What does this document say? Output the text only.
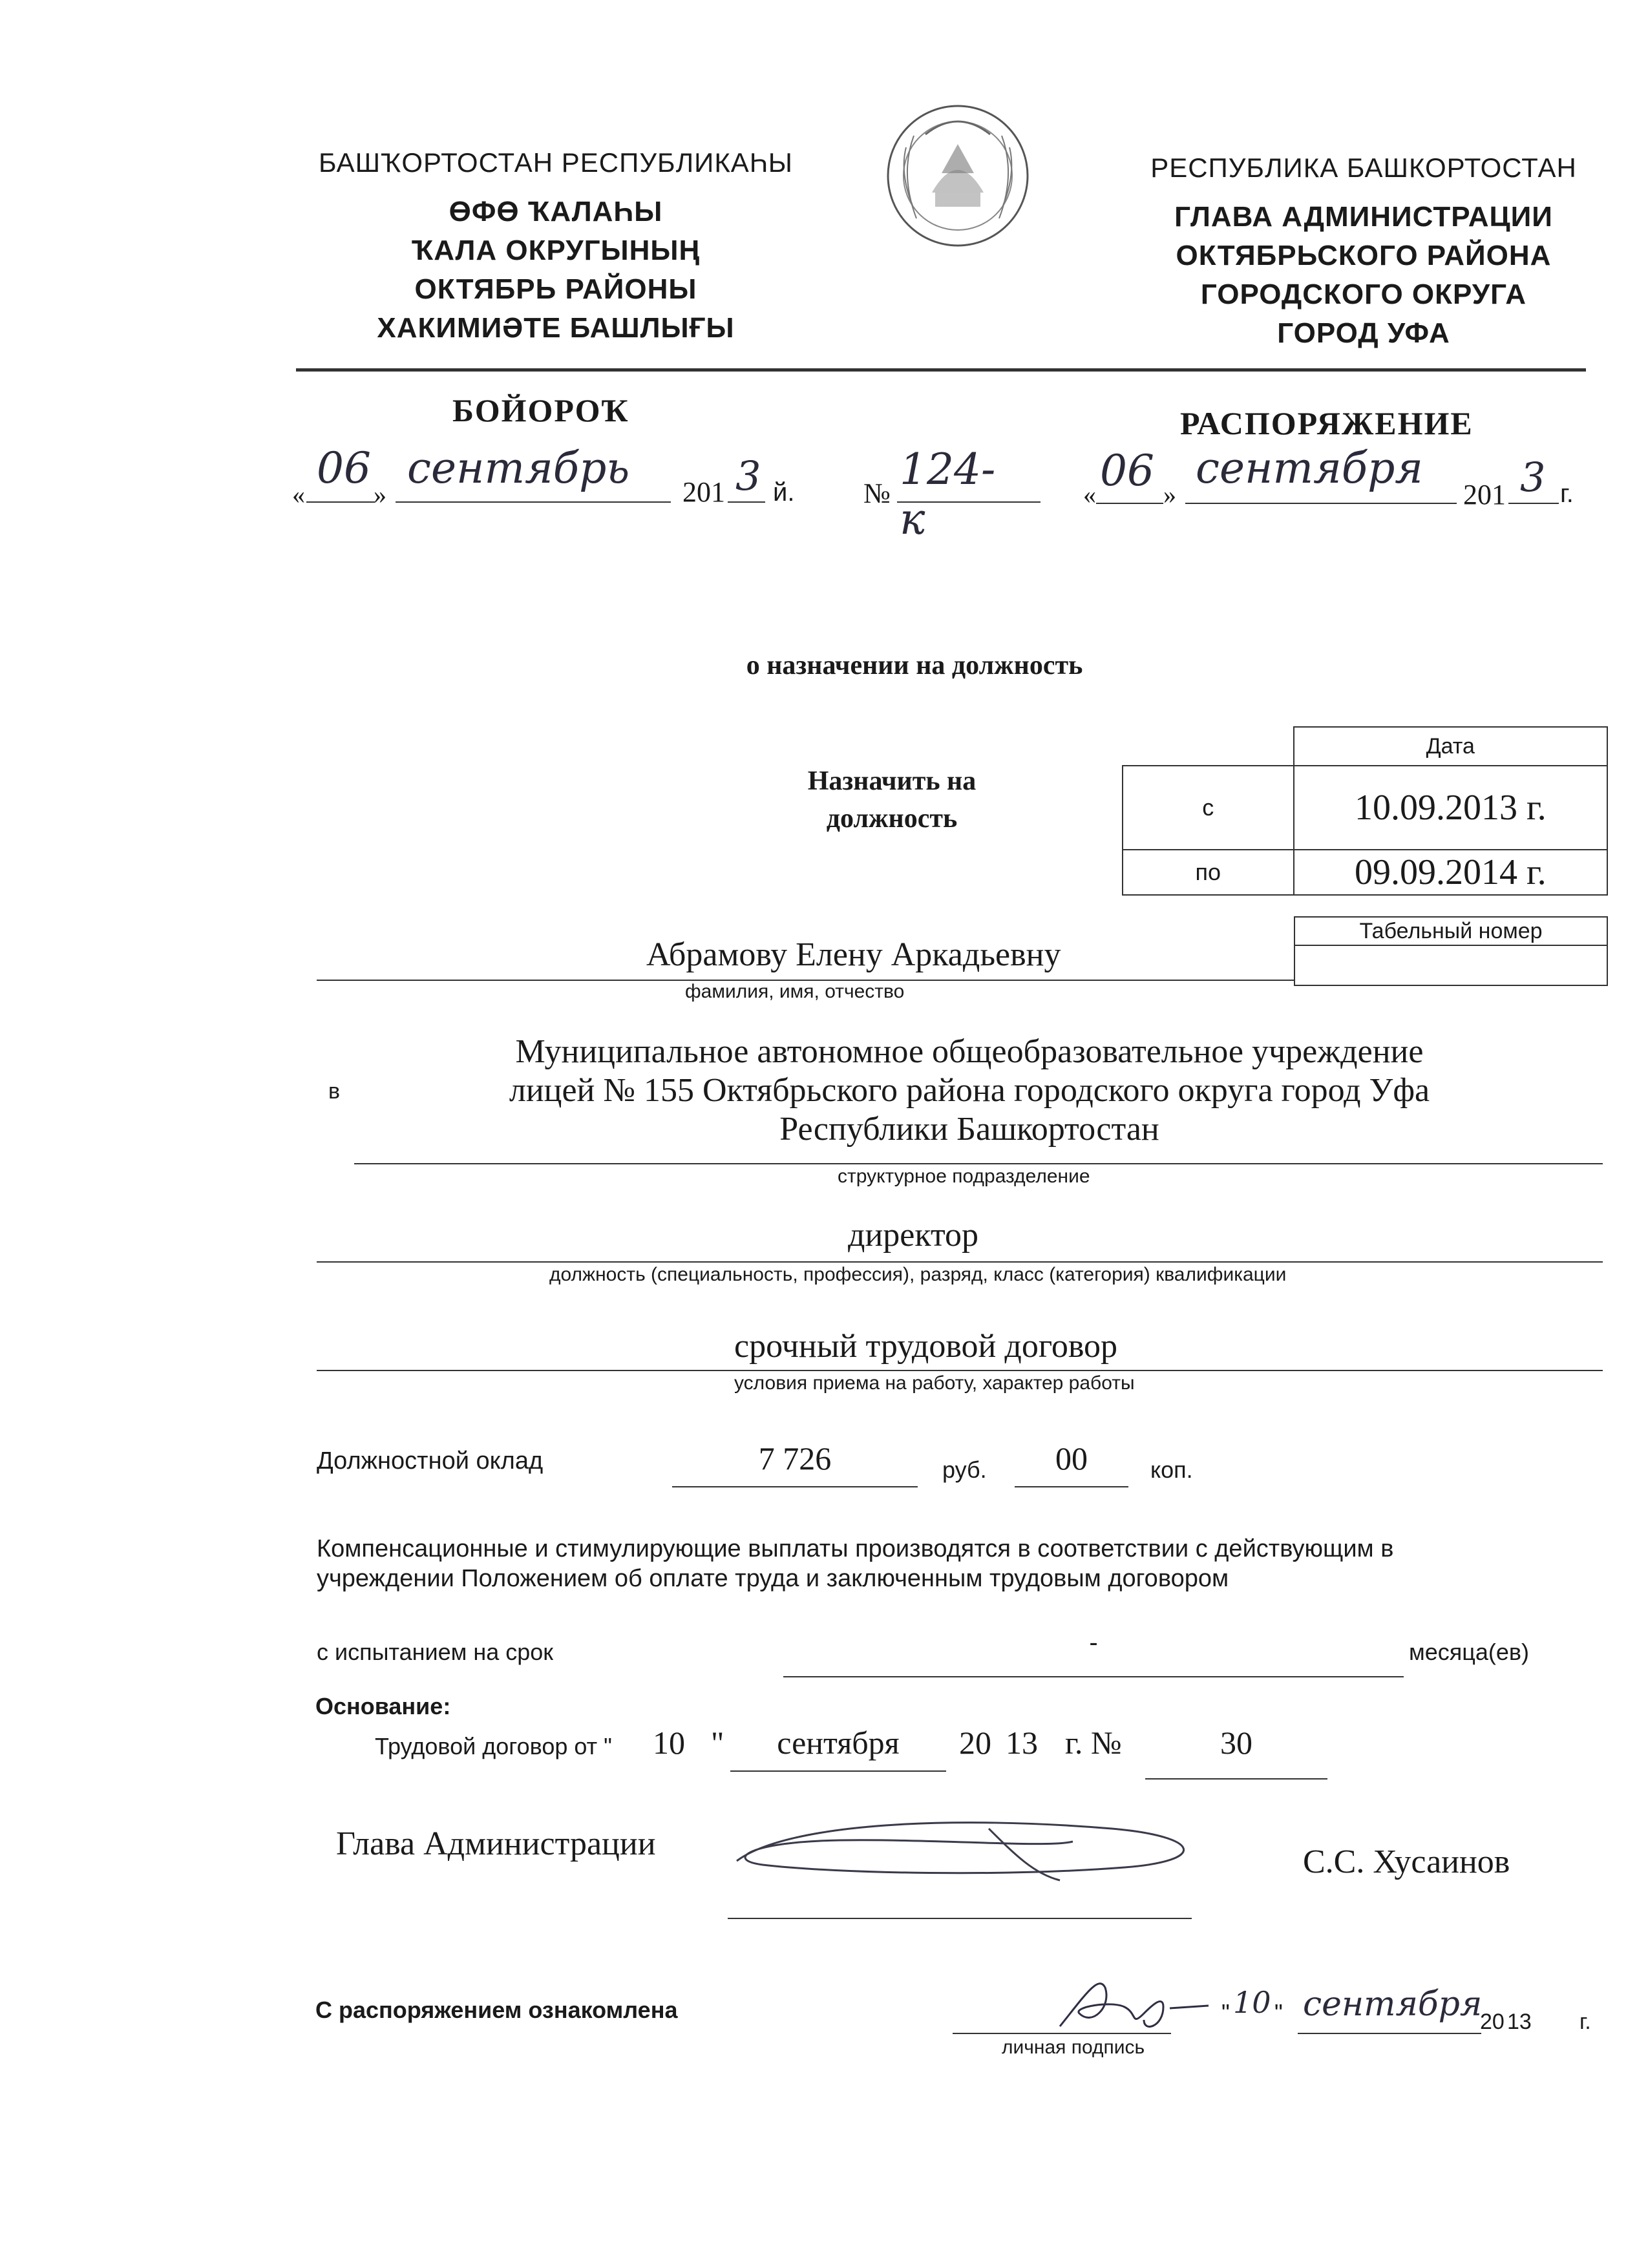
БАШҠОРТОСТАН РЕСПУБЛИКАҺЫ
ӨФӨ ҠАЛАҺЫ
ҠАЛА ОКРУГЫНЫҢ
ОКТЯБРЬ РАЙОНЫ
ХАКИМИӘТЕ БАШЛЫҒЫ
РЕСПУБЛИКА БАШКОРТОСТАН
ГЛАВА АДМИНИСТРАЦИИ
ОКТЯБРЬСКОГО РАЙОНА
ГОРОДСКОГО ОКРУГА
ГОРОД УФА
БОЙОРОҠ	РАСПОРЯЖЕНИЕ
«
06
»
сентябрь 201 3 й. № 124-к	« 06 »
сентября
201 3 г.
о назначении на должность
Назначить на
должность
	Дата
с	10.09.2013 г.
по	09.09.2014 г.
Табельный номер

Абрамову Елену Аркадьевну
фамилия, имя, отчество
в
Муниципальное автономное общеобразовательное учреждение
лицей № 155 Октябрьского района городского округа город Уфа
Республики Башкортостан
структурное подразделение
директор
должность (специальность, профессия), разряд, класс (категория) квалификации
срочный трудовой договор
условия приема на работу, характер работы
Должностной оклад	7 726	руб.	00	коп.
Компенсационные и стимулирующие выплаты производятся в соответствии с действующим в
учреждении Положением об оплате труда и заключенным трудовым договором
с испытанием на срок	-	месяца(ев)
Основание:
Трудовой договор от " 10 "	сентября	20 13 г. №	30
Глава Администрации	С.С. Хусаинов
С распоряжением ознакомлена
личная подпись
" 10 " сентября
20 13 г.
